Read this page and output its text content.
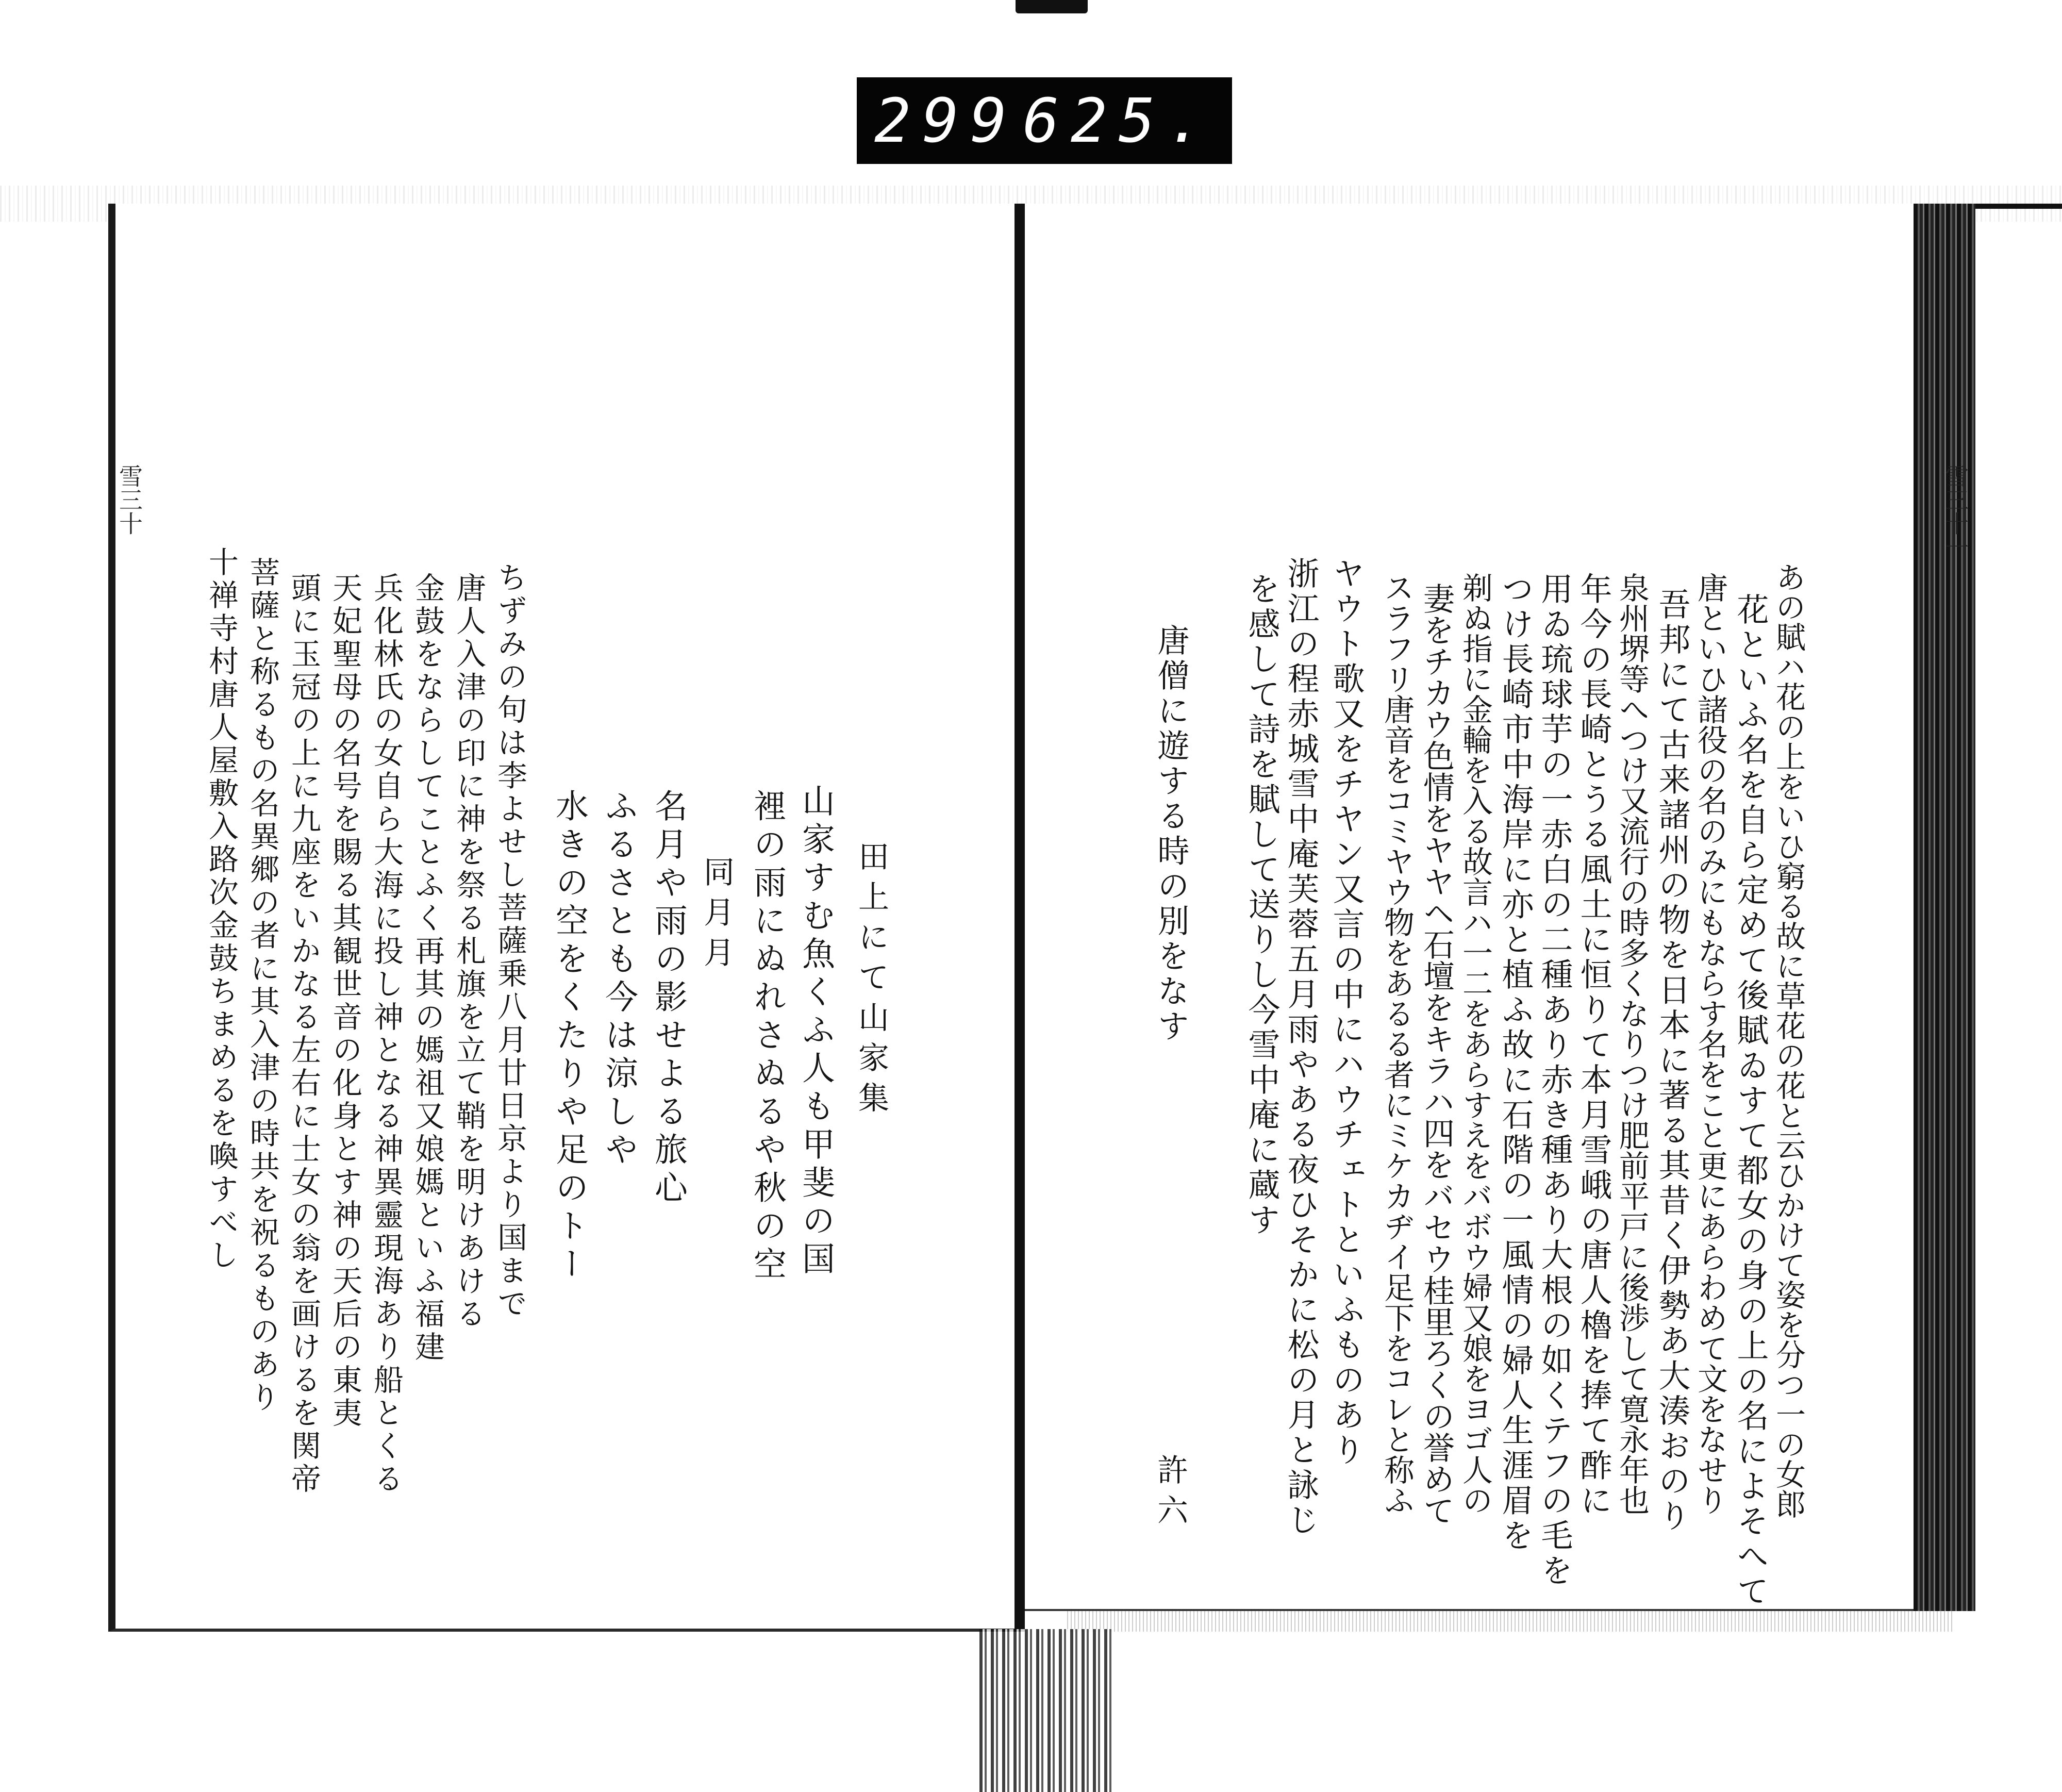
299 625.
雪三十一
雪三十
あの賦ハ花の上をいひ窮る故に草花の花と云ひかけて姿を分つ一の女郎
花といふ名を自ら定めて後賦ゐすて都女の身の上の名によそへて
唐といひ諸役の名のみにもならす名をこと更にあらわめて文をなせり
吾邦にて古来諸州の物を日本に著る其昔く伊勢あ大湊おのり
泉州堺等へつけ又流行の時多くなりつけ肥前平戸に後渉して寛永年也
年今の長崎とうる風土に恒りて本月雪峨の唐人櫓を捧て酢に
用ゐ琉球芋の一赤白の二種あり赤き種あり大根の如くテフの毛を
つけ長崎市中海岸に亦と植ふ故に石階の一風情の婦人生涯眉を
剃ぬ指に金輪を入る故言ハ一二をあらすえをバボウ婦又娘をヨゴ人の
妻をチカウ色情をヤヤヘ石壇をキラハ四をバセウ桂里ろくの誉めて
スラフリ唐音をコミヤウ物をあるる者にミケカヂイ足下をコレと称ふ
ヤウト歌又をチヤン又言の中にハウチェトといふものあり
浙江の程赤城雪中庵芙蓉五月雨やある夜ひそかに松の月と詠じ
を感して詩を賦して送りし今雪中庵に蔵す
唐僧に遊する時の別をなす
許六
田上にて山家集
山家すむ魚くふ人も甲斐の国
裡の雨にぬれさぬるや秋の空
同月月
名月や雨の影せよる旅心
ふるさとも今は涼しや
水きの空をくたりや足のトー
ちずみの句は李よせし菩薩乗八月廿日京より国まで
唐人入津の印に神を祭る札旗を立て鞘を明けあける
金鼓をならしてことふく再其の媽祖又娘媽といふ福建
兵化林氏の女自ら大海に投し神となる神異靈現海あり船とくる
天妃聖母の名号を賜る其観世音の化身とす神の天后の東夷
頭に玉冠の上に九座をいかなる左右に士女の翁を画けるを関帝
菩薩と称るもの名異郷の者に其入津の時共を祝るものあり
十禅寺村唐人屋敷入路次金鼓ちまめるを喚すべし
